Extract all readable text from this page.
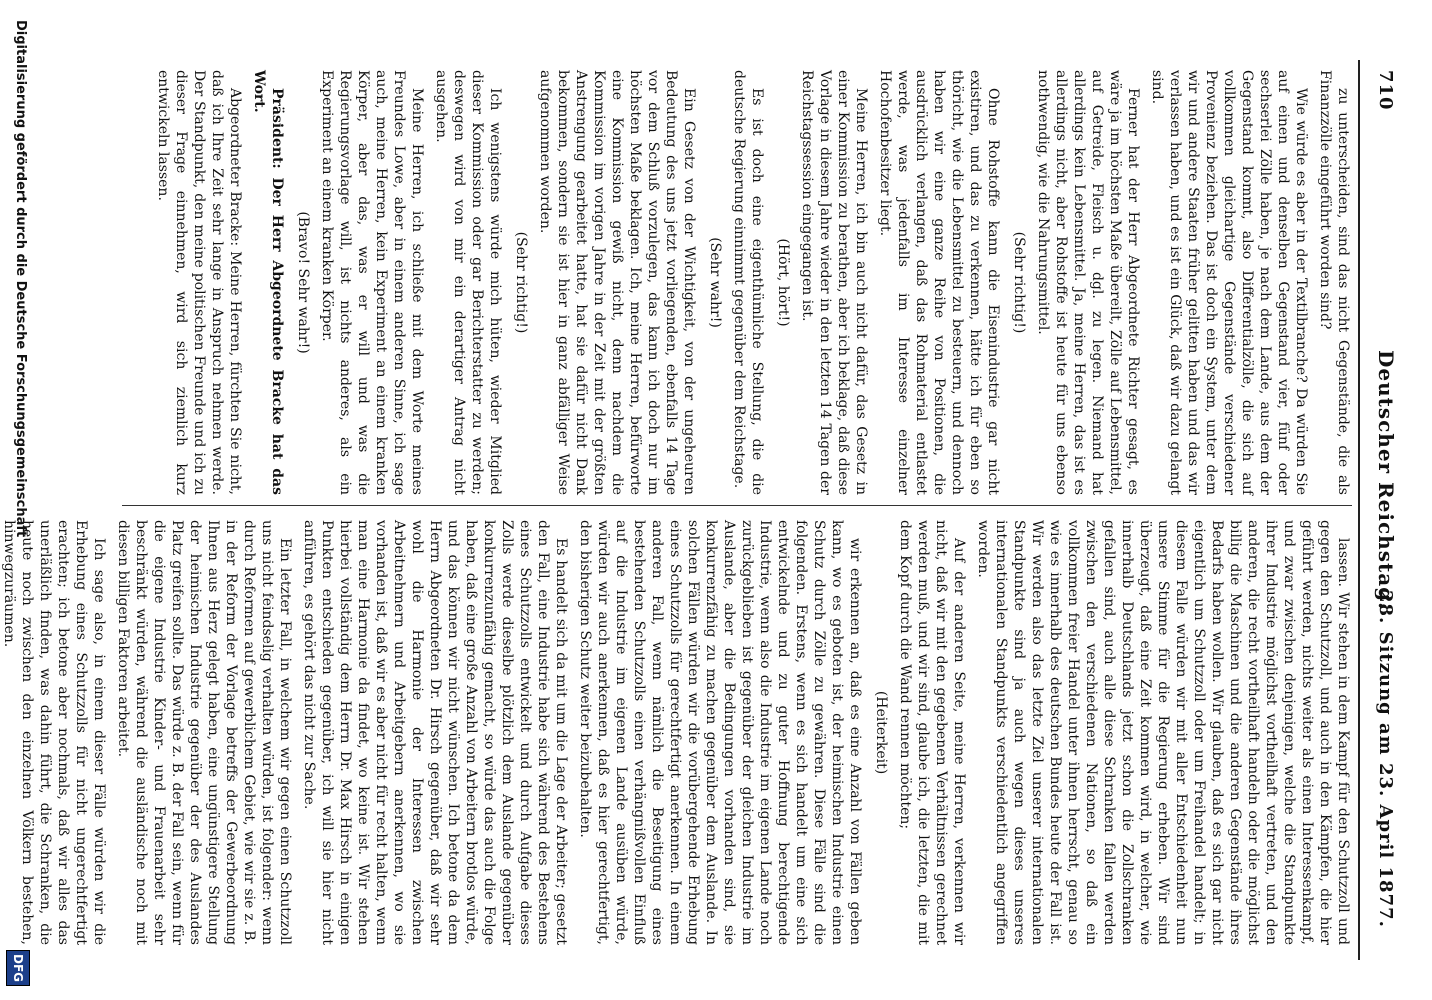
710
Deutscher Reichstag.
28. Sitzung am 23. April 1877.

zu unterscheiden, sind das nicht Gegenstände, die als Finanzzölle eingeführt worden sind?

Wie würde es aber in der Textilbranche? Da würden Sie auf einen und denselben Gegenstand vier, fünf oder sechserlei Zölle haben, je nach dem Lande, aus dem der Gegenstand kommt, also Differentialzölle, die sich auf vollkommen gleichartige Gegenstände verschiedener Provenienz beziehen. Das ist doch ein System, unter dem wir und andere Staaten früher gelitten haben und das wir verlassen haben, und es ist ein Glück, daß wir dazu gelangt sind.

Ferner hat der Herr Abgeordnete Richter gesagt, es wäre ja im höchsten Maße übereilt, Zölle auf Lebensmittel, auf Getreide, Fleisch u. dgl. zu legen. Niemand hat allerdings kein Lebensmittel. Ja, meine Herren, das ist es allerdings nicht, aber Rohstoffe ist heute für uns ebenso nothwendig, wie die Nahrungsmittel.

(Sehr richtig!)

Ohne Rohstoffe kann die Eisenindustrie gar nicht existiren, und das zu verkennen, hätte ich für eben so thöricht, wie die Lebensmittel zu besteuern, und dennoch haben wir eine ganze Reihe von Positionen, die ausdrücklich verlangen, daß das Rohmaterial entlastet werde, was jedenfalls im Interesse einzelner Hochofenbesitzer liegt.

Meine Herren, ich bin auch nicht dafür, das Gesetz in einer Kommission zu berathen, aber ich beklage, daß diese Vorlage in diesem Jahre wieder in den letzten 14 Tagen der Reichstagssession eingegangen ist.

(Hört, hört!)

Es ist doch eine eigenthümliche Stellung, die die deutsche Regierung einnimmt gegenüber dem Reichstage.

(Sehr wahr!)

Ein Gesetz von der Wichtigkeit, von der ungeheuren Bedeutung des uns jetzt vorliegenden, ebenfalls 14 Tage vor dem Schluß vorzulegen, das kann ich doch nur im höchsten Maße beklagen. Ich, meine Herren, befürworte eine Kommission gewiß nicht, denn nachdem die Kommission im vorigen Jahre in der Zeit mit der größten Anstrengung gearbeitet hatte, hat sie dafür nicht Dank bekommen, sondern sie ist hier in ganz abfälliger Weise aufgenommen worden.

(Sehr richtig!)

Ich wenigstens würde mich hüten, wieder Mitglied dieser Kommission oder gar Berichterstatter zu werden; deswegen wird von mir ein derartiger Antrag nicht ausgehen.

Meine Herren, ich schließe mit dem Worte meines Freundes Lowe, aber in einem anderen Sinne, ich sage auch, meine Herren, kein Experiment an einem kranken Körper, aber das, was er will und was die Regierungsvorlage will, ist nichts anderes, als ein Experiment an einem kranken Körper.

(Bravo! Sehr wahr!)

Präsident: Der Herr Abgeordnete Bracke hat das Wort.

Abgeordneter Bracke: Meine Herren, fürchten Sie nicht, daß ich Ihre Zeit sehr lange in Anspruch nehmen werde. Der Standpunkt, den meine politischen Freunde und ich zu dieser Frage einnehmen, wird sich ziemlich kurz entwickeln lassen.

lassen. Wir stehen in dem Kampf für den Schutzzoll und gegen den Schutzzoll, und auch in den Kämpfen, die hier geführt werden, nichts weiter als einen Interessenkampf, und zwar zwischen denjenigen, welche die Standpunkte ihrer Industrie möglichst vortheilhaft vertreten, und den anderen, die recht vortheilhaft handeln oder die möglichst billig die Maschinen und die anderen Gegenstände ihres Bedarfs haben wollen. Wir glauben, daß es sich gar nicht eigentlich um Schutzzoll oder um Freihandel handelt; in diesem Falle würden wir mit aller Entschiedenheit nun unsere Stimme für die Regierung erheben. Wir sind überzeugt, daß eine Zeit kommen wird, in welcher, wie innerhalb Deutschlands jetzt schon die Zollschranken gefallen sind, auch alle diese Schranken fallen werden zwischen den verschiedenen Nationen, so daß ein vollkommen freier Handel unter ihnen herrscht, genau so wie es innerhalb des deutschen Bundes heute der Fall ist. Wir werden also das letzte Ziel unserer internationalen Standpunkte sind ja auch wegen dieses unseres internationalen Standpunkts verschiedentlich angegriffen worden.

Auf der anderen Seite, meine Herren, verkennen wir nicht, daß wir mit den gegebenen Verhältnissen gerechnet werden muß, und wir sind, glaube ich, die letzten, die mit dem Kopf durch die Wand rennen möchten;

(Heiterkeit)

wir erkennen an, daß es eine Anzahl von Fällen geben kann, wo es geboten ist, der heimischen Industrie einen Schutz durch Zölle zu gewähren. Diese Fälle sind die folgenden. Erstens, wenn es sich handelt um eine sich entwickelnde und zu guter Hoffnung berechtigende Industrie, wenn also die Industrie im eigenen Lande noch zurückgeblieben ist gegenüber der gleichen Industrie im Auslande, aber die Bedingungen vorhanden sind, sie konkurrenzfähig zu machen gegenüber dem Auslande. In solchen Fällen würden wir die vorübergehende Erhebung eines Schutzzolls für gerechtfertigt anerkennen. In einem anderen Fall, wenn nämlich die Beseitigung eines bestehenden Schutzzolls einen verhängnißvollen Einfluß auf die Industrie im eigenen Lande ausüben würde, würden wir auch anerkennen, daß es hier gerechtfertigt, den bisherigen Schutz weiter beizubehalten.

Es handelt sich da mit um die Lage der Arbeiter; gesetzt den Fall, eine Industrie habe sich während des Bestehens eines Schutzzolls entwickelt und durch Aufgabe dieses Zolls werde dieselbe plötzlich dem Auslande gegenüber konkurrenzunfähig gemacht, so würde das auch die Folge haben, daß eine große Anzahl von Arbeitern brotlos würde, und das können wir nicht wünschen. Ich betone da dem Herrn Abgeordneten Dr. Hirsch gegenüber, daß wir sehr wohl die Harmonie der Interessen zwischen Arbeitnehmern und Arbeitgebern anerkennen, wo sie vorhanden ist, daß wir es aber nicht für recht halten, wenn man eine Harmonie da findet, wo keine ist. Wir stehen hierbei vollständig dem Herrn Dr. Max Hirsch in einigen Punkten entschieden gegenüber, ich will sie hier nicht anführen, es gehört das nicht zur Sache.

Ein letzter Fall, in welchem wir gegen einen Schutzzoll uns nicht feindselig verhalten würden, ist folgender: wenn durch Reformen auf gewerblichem Gebiet, wie wir sie z. B. in der Reform der Vorlage betreffs der Gewerbeordnung Ihnen aus Herz gelegt haben, eine ungünstigere Stellung der heimischen Industrie gegenüber der des Auslandes Platz greifen sollte. Das würde z. B. der Fall sein, wenn für die eigene Industrie Kinder- und Frauenarbeit sehr beschränkt würden, während die ausländische noch mit diesen billigen Faktoren arbeitet.

Ich sage also, in einem dieser Fälle würden wir die Erhebung eines Schutzzolls für nicht ungerechtfertigt erachten; ich betone aber nochmals, daß wir alles das unerläßlich finden, was dahin führt, die Schranken, die heute noch zwischen den einzelnen Völkern bestehen, hinwegzuräumen.

Digitalisierung gefördert durch die Deutsche Forschungsgemeinschaft
DFG
